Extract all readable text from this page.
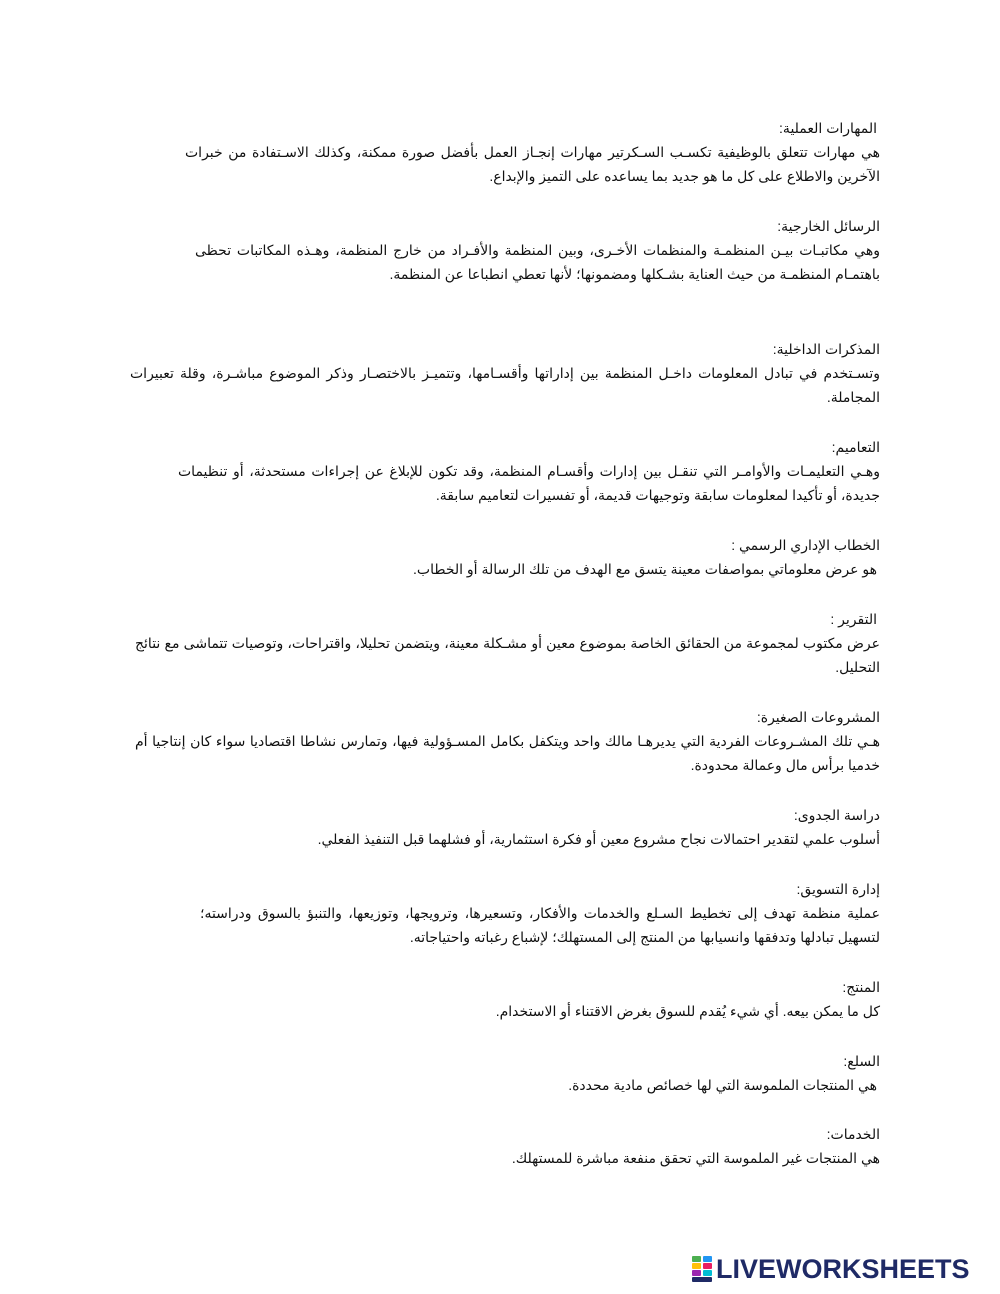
المهارات العملية:
هي مهارات تتعلق بالوظيفية تكسـب السـكرتير مهارات إنجـاز العمل بأفضل صورة ممكنة، وكذلك الاسـتفادة من خبرات الآخرين والاطلاع على كل ما هو جديد بما يساعده على التميز والإبداع.
الرسائل الخارجية:
وهي مكاتبـات بيـن المنظمـة والمنظمات الأخـرى، وبين المنظمة والأفـراد من خارج المنظمة، وهـذه المكاتبات تحظى باهتمـام المنظمـة من حيث العناية بشـكلها ومضمونها؛ لأنها تعطي انطباعا عن المنظمة.
المذكرات الداخلية:
وتسـتخدم في تبادل المعلومات داخـل المنظمة بين إداراتها وأقسـامها، وتتميـز بالاختصـار وذكر الموضوع مباشـرة، وقلة تعبيرات المجاملة.
التعاميم:
وهـي التعليمـات والأوامـر التي تنقـل بين إدارات وأقسـام المنظمة، وقد تكون للإبلاغ عن إجراءات مستحدثة، أو تنظيمات جديدة، أو تأكيدا لمعلومات سابقة وتوجيهات قديمة، أو تفسيرات لتعاميم سابقة.
الخطاب الإداري الرسمي :
هو عرض معلوماتي بمواصفات معينة يتسق مع الهدف من تلك الرسالة أو الخطاب.
التقرير :
عرض مكتوب لمجموعة من الحقائق الخاصة بموضوع معين أو مشـكلة معينة، ويتضمن تحليلا، واقتراحات، وتوصيات تتماشى مع نتائج التحليل.
المشروعات الصغيرة:
هـي تلك المشـروعات الفردية التي يديرهـا مالك واحد ويتكفل بكامل المسـؤولية فيها، وتمارس نشاطا اقتصاديا سواء كان إنتاجيا أم خدميا برأس مال وعمالة محدودة.
دراسة الجدوى:
أسلوب علمي لتقدير احتمالات نجاح مشروع معين أو فكرة استثمارية، أو فشلهما قبل التنفيذ الفعلي.
إدارة التسويق:
عملية منظمة تهدف إلى تخطيط السـلع والخدمات والأفكار، وتسعيرها، وترويجها، وتوزيعها، والتنبؤ بالسوق ودراسته؛ لتسهيل تبادلها وتدفقها وانسيابها من المنتج إلى المستهلك؛ لإشباع رغباته واحتياجاته.
المنتج:
كل ما يمكن بيعه. أي شيء يُقدم للسوق بغرض الاقتناء أو الاستخدام.
السلع:
هي المنتجات الملموسة التي لها خصائص مادية محددة.
الخدمات:
هي المنتجات غير الملموسة التي تحقق منفعة مباشرة للمستهلك.
LIVEWORKSHEETS
